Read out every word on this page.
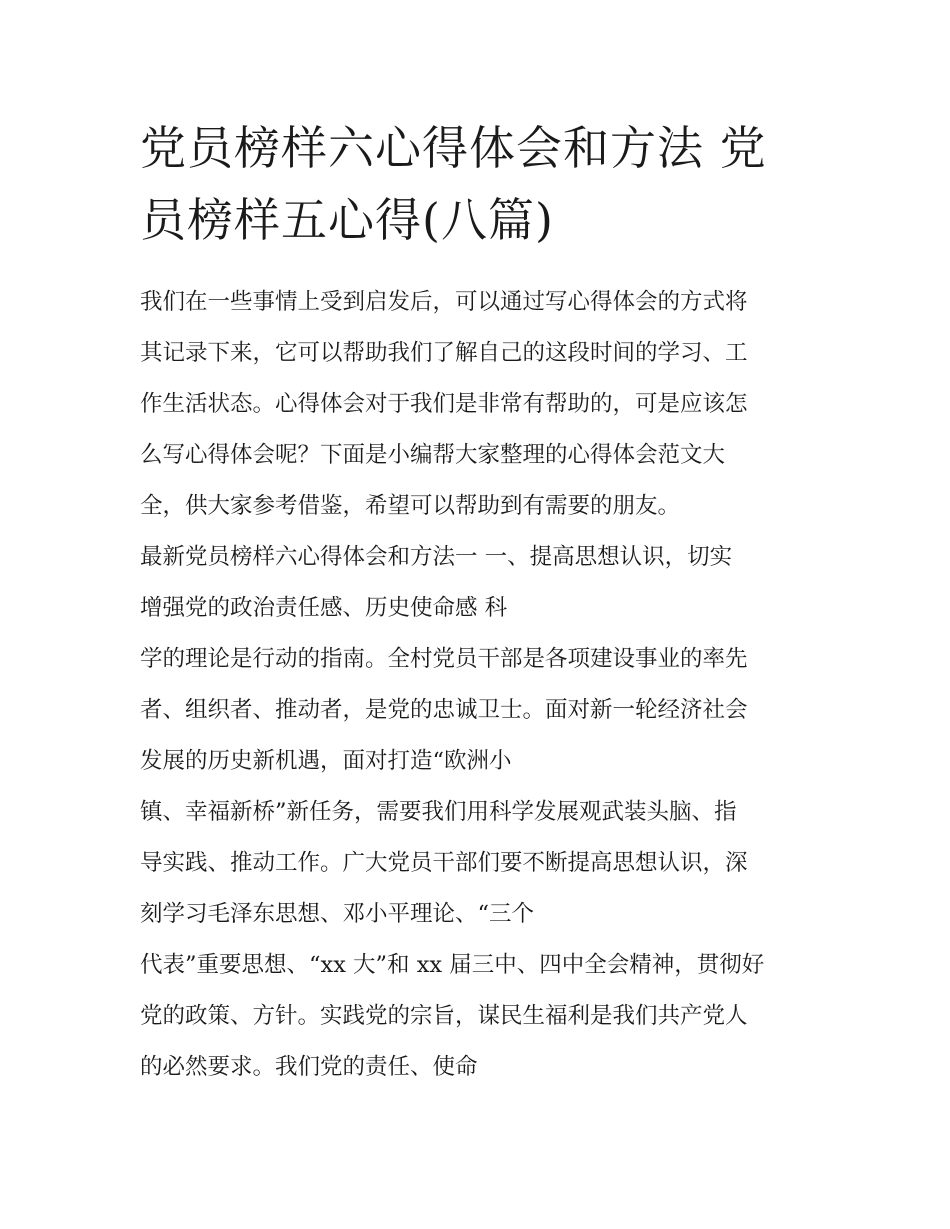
党员榜样六心得体会和方法 党
员榜样五心得(八篇)
我们在一些事情上受到启发后，可以通过写心得体会的方式将
其记录下来，它可以帮助我们了解自己的这段时间的学习、工
作生活状态。心得体会对于我们是非常有帮助的，可是应该怎
么写心得体会呢？下面是小编帮大家整理的心得体会范文大
全，供大家参考借鉴，希望可以帮助到有需要的朋友。
最新党员榜样六心得体会和方法一 一、提高思想认识，切实
增强党的政治责任感、历史使命感 科
学的理论是行动的指南。全村党员干部是各项建设事业的率先
者、组织者、推动者，是党的忠诚卫士。面对新一轮经济社会
发展的历史新机遇，面对打造“欧洲小
镇、幸福新桥”新任务，需要我们用科学发展观武装头脑、指
导实践、推动工作。广大党员干部们要不断提高思想认识，深
刻学习毛泽东思想、邓小平理论、“三个
代表”重要思想、“xx 大”和 xx 届三中、四中全会精神，贯彻好
党的政策、方针。实践党的宗旨，谋民生福利是我们共产党人
的必然要求。我们党的责任、使命
